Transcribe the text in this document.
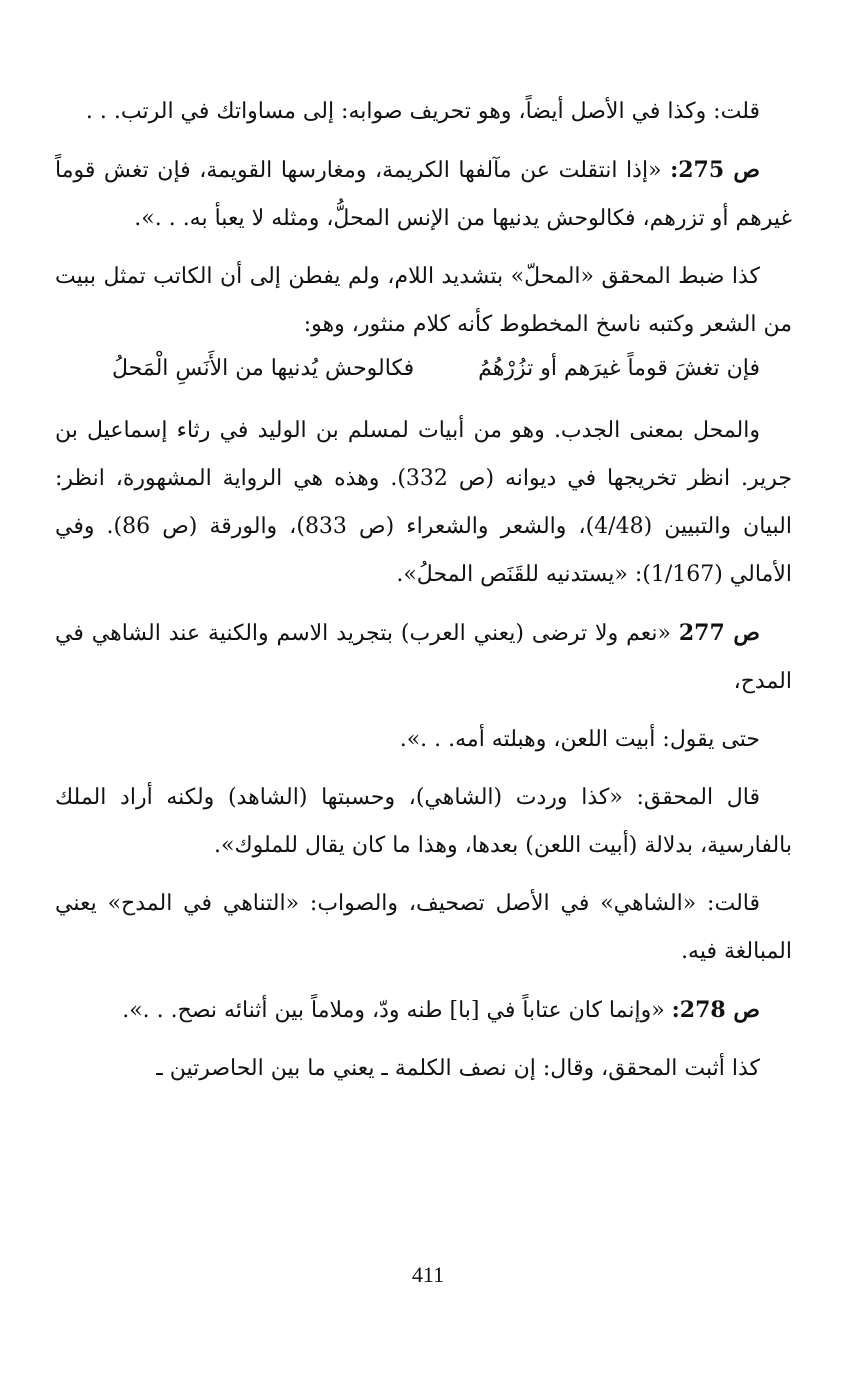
قلت: وكذا في الأصل أيضاً، وهو تحريف صوابه: إلى مساواتك في الرتب. . .

ص 275: «إذا انتقلت عن مآلفها الكريمة، ومغارسها القويمة، فإن تغش قوماً غيرهم أو تزرهم، فكالوحش يدنيها من الإنس المحلُّ، ومثله لا يعبأ به. . .».

كذا ضبط المحقق «المحلّ» بتشديد اللام، ولم يفطن إلى أن الكاتب تمثل ببيت من الشعر وكتبه ناسخ المخطوط كأنه كلام منثور، وهو:

فإن تغشَ قوماً غيرَهم أو تزُرْهُمُ
فكالوحش يُدنيها من الأَنَسِ الْمَحلُ

والمحل بمعنى الجدب. وهو من أبيات لمسلم بن الوليد في رثاء إسماعيل بن جرير. انظر تخريجها في ديوانه (ص 332). وهذه هي الرواية المشهورة، انظر: البيان والتبيين (4/48)، والشعر والشعراء (ص 833)، والورقة (ص 86). وفي الأمالي (1/167): «يستدنيه للقَنَص المحلُ».

ص 277 «نعم ولا ترضى (يعني العرب) بتجريد الاسم والكنية عند الشاهي في المدح،

حتى يقول: أبيت اللعن، وهبلته أمه. . .».

قال المحقق: «كذا وردت (الشاهي)، وحسبتها (الشاهد) ولكنه أراد الملك بالفارسية، بدلالة (أبيت اللعن) بعدها، وهذا ما كان يقال للملوك».

قالت: «الشاهي» في الأصل تصحيف، والصواب: «التناهي في المدح» يعني المبالغة فيه.

ص 278: «وإنما كان عتاباً في [با] طنه ودّ، وملاماً بين أثنائه نصح. . .».

كذا أثبت المحقق، وقال: إن نصف الكلمة ـ يعني ما بين الحاصرتين ـ

411
